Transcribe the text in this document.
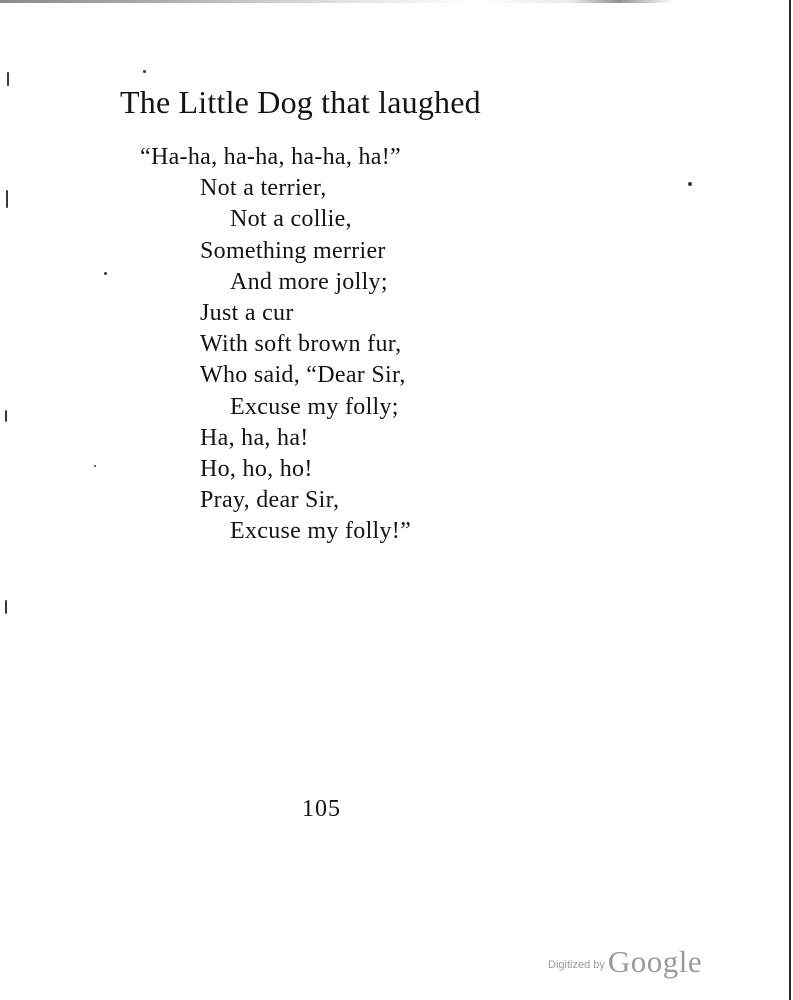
The Little Dog that laughed
“Ha-ha, ha-ha, ha-ha, ha!”
Not a terrier,
Not a collie,
Something merrier
And more jolly;
Just a cur
With soft brown fur,
Who said, “Dear Sir,
Excuse my folly;
Ha, ha, ha!
Ho, ho, ho!
Pray, dear Sir,
Excuse my folly!”
105
$^{Digitized by}$Google
